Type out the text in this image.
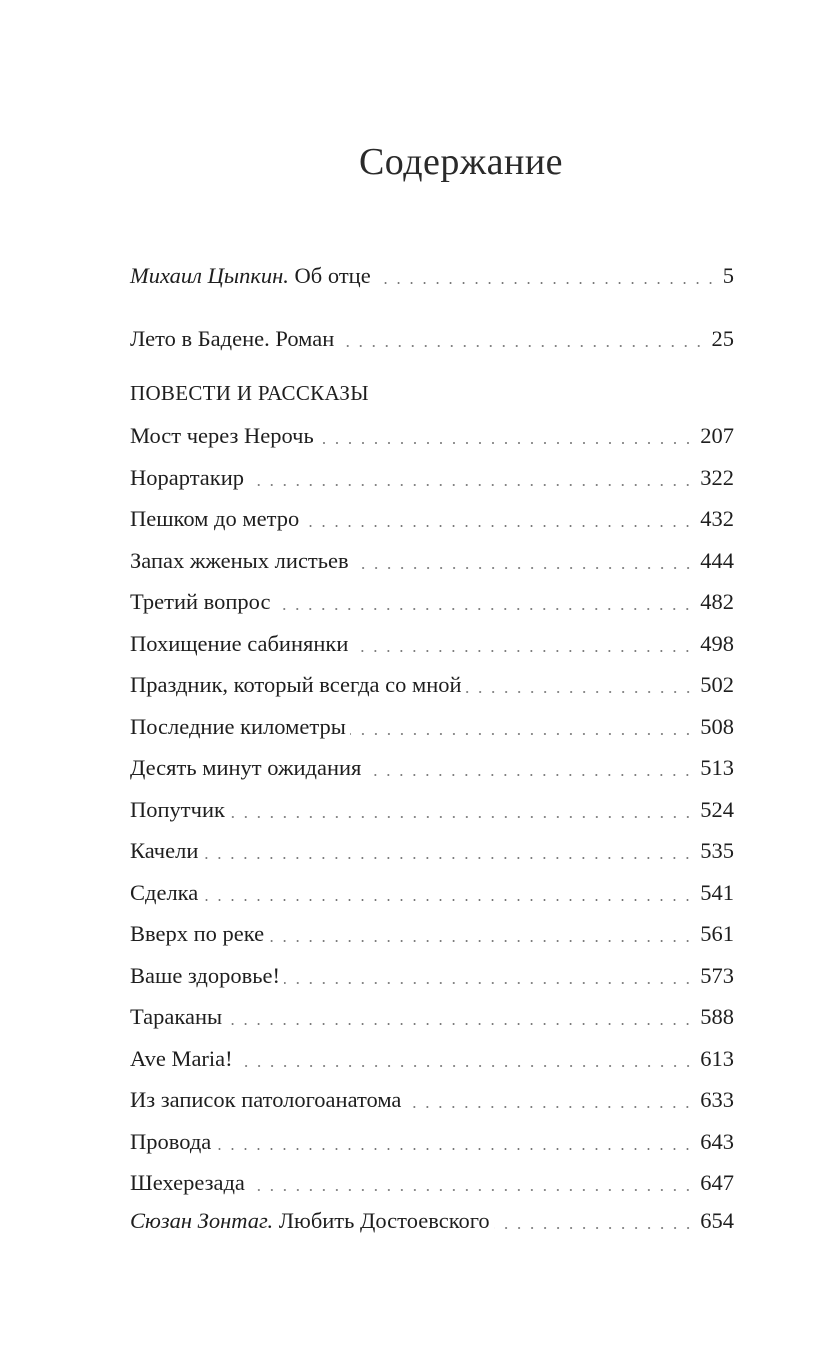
Содержание
Михаил Цыпкин. Об отце	5
Лето в Бадене. Роман	25
ПОВЕСТИ И РАССКАЗЫ
Мост через Нерочь	207
Норартакир	322
Пешком до метро	432
Запах жженых листьев	444
Третий вопрос	482
Похищение сабинянки	498
Праздник, который всегда со мной	502
Последние километры	508
Десять минут ожидания	513
Попутчик	524
Качели	535
Сделка	541
Вверх по реке	561
Ваше здоровье!	573
Тараканы	588
Ave Maria!	613
Из записок патологоанатома	633
Провода	643
Шехерезада	647
Сюзан Зонтаг. Любить Достоевского	654
